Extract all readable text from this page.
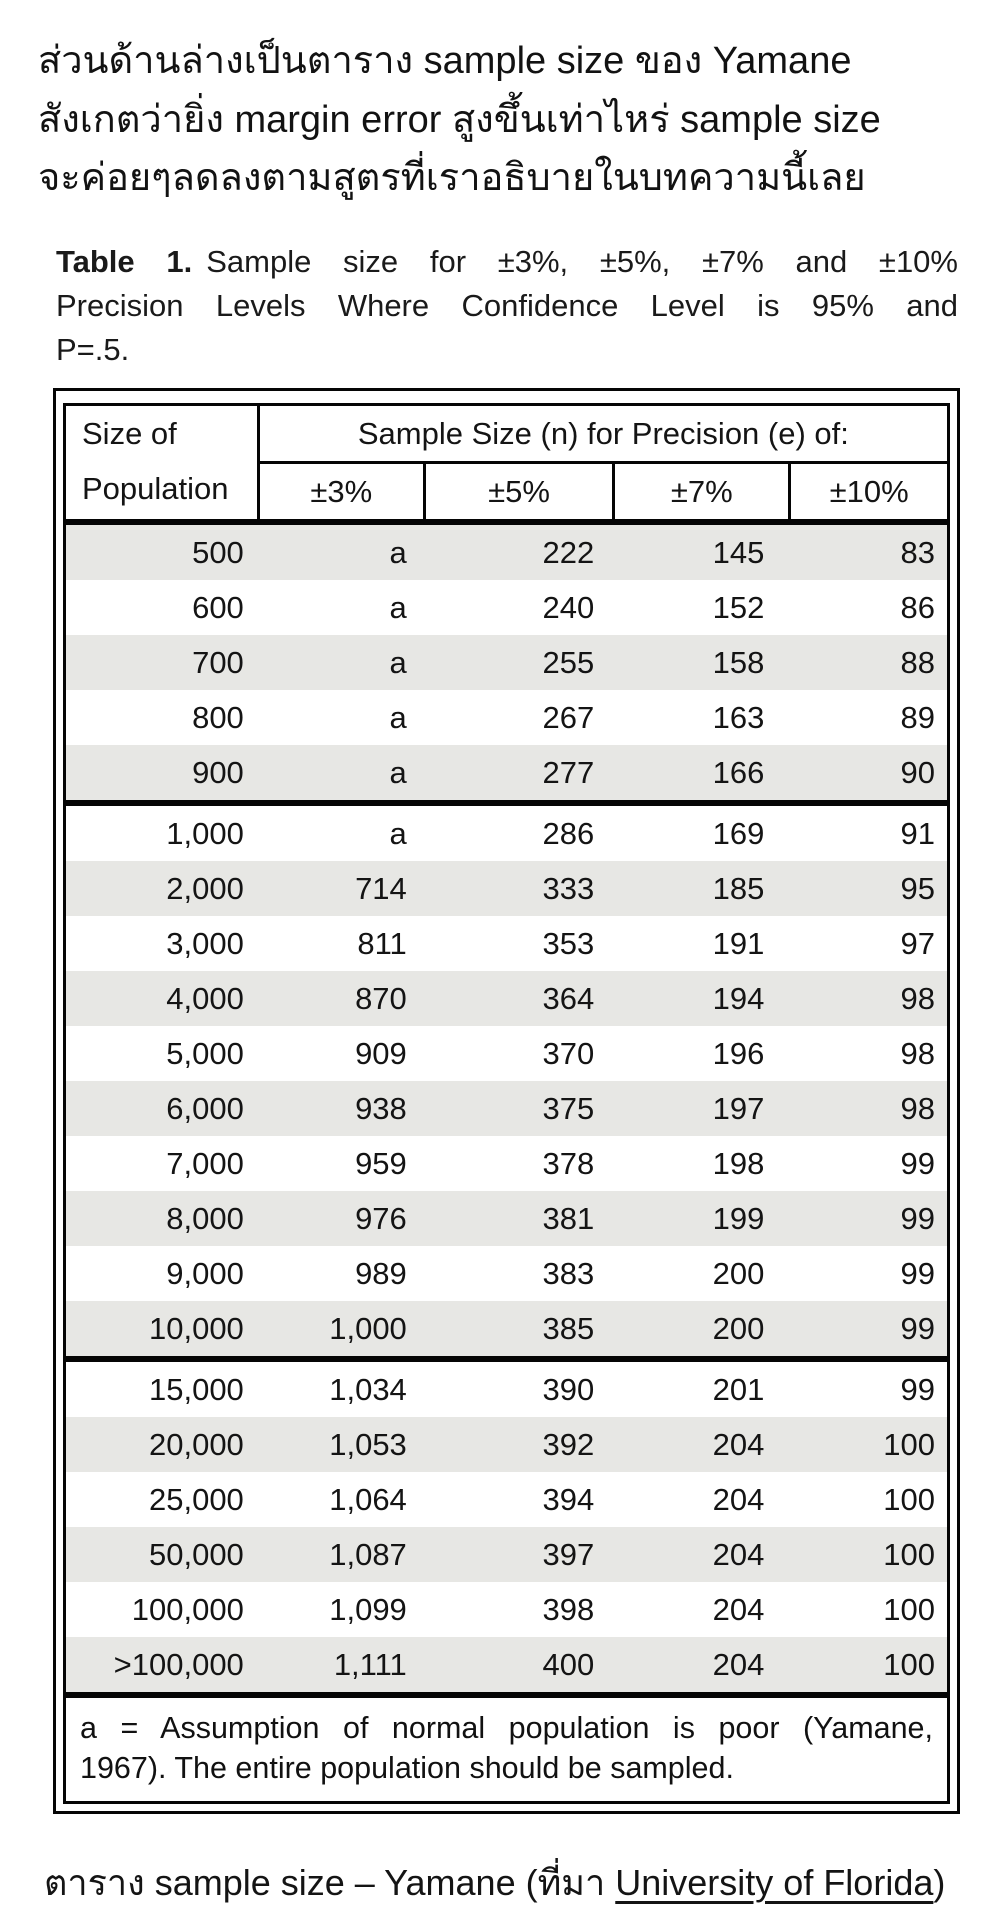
ส่วนด้านล่างเป็นตาราง sample size ของ Yamane
สังเกตว่ายิ่ง margin error สูงขึ้นเท่าไหร่ sample size
จะค่อยๆลดลงตามสูตรที่เราอธิบายในบทความนี้เลย
Table 1. Sample size for ±3%, ±5%, ±7% and ±10%
Precision Levels Where Confidence Level is 95% and
P=.5.
Size of
Population
Sample Size (n) for Precision (e) of:
±3%	±5%	±7%	±10%
500	a	222	145	83
600	a	240	152	86
700	a	255	158	88
800	a	267	163	89
900	a	277	166	90
1,000	a	286	169	91
2,000	714	333	185	95
3,000	811	353	191	97
4,000	870	364	194	98
5,000	909	370	196	98
6,000	938	375	197	98
7,000	959	378	198	99
8,000	976	381	199	99
9,000	989	383	200	99
10,000	1,000	385	200	99
15,000	1,034	390	201	99
20,000	1,053	392	204	100
25,000	1,064	394	204	100
50,000	1,087	397	204	100
100,000	1,099	398	204	100
>100,000	1,111	400	204	100
a = Assumption of normal population is poor (Yamane,
1967). The entire population should be sampled.
ตาราง sample size – Yamane (ที่มา University of Florida)
